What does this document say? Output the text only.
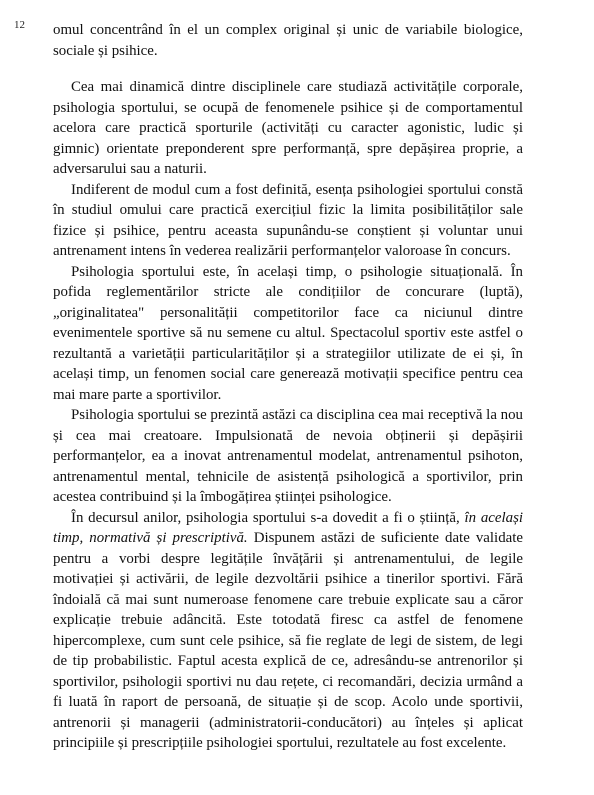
12 omul concentrând în el un complex original și unic de variabile biologice, sociale și psihice.

Cea mai dinamică dintre disciplinele care studiază activitățile corporale, psihologia sportului, se ocupă de fenomenele psihice și de comportamentul acelora care practică sporturile (activități cu caracter agonistic, ludic și gimnic) orientate preponderent spre performanță, spre depășirea proprie, a adversarului sau a naturii.

Indiferent de modul cum a fost definită, esența psihologiei sportului constă în studiul omului care practică exercițiul fizic la limita posibilităților sale fizice și psihice, pentru aceasta supunându-se conștient și voluntar unui antrenament intens în vederea realizării performanțelor valoroase în concurs.

Psihologia sportului este, în același timp, o psihologie situațională. În pofida reglementărilor stricte ale condițiilor de concurare (luptă), „originalitatea" personalității competitorilor face ca niciunul dintre evenimentele sportive să nu semene cu altul. Spectacolul sportiv este astfel o rezultantă a varietății particularităților și a strategiilor utilizate de ei și, în același timp, un fenomen social care generează motivații specifice pentru cea mai mare parte a sportivilor.

Psihologia sportului se prezintă astăzi ca disciplina cea mai receptivă la nou și cea mai creatoare. Impulsionată de nevoia obținerii și depășirii performanțelor, ea a inovat antrenamentul modelat, antrenamentul psihoton, antrenamentul mental, tehnicile de asistență psihologică a sportivilor, prin acestea contribuind și la îmbogățirea științei psihologice.

În decursul anilor, psihologia sportului s-a dovedit a fi o știință, în același timp, normativă și prescriptivă. Dispunem astăzi de suficiente date validate pentru a vorbi despre legitățile învățării și antrenamentului, de legile motivației și activării, de legile dezvoltării psihice a tinerilor sportivi. Fără îndoială că mai sunt numeroase fenomene care trebuie explicate sau a căror explicație trebuie adâncită. Este totodată firesc ca astfel de fenomene hipercomplexe, cum sunt cele psihice, să fie reglate de legi de sistem, de legi de tip probabilistic. Faptul acesta explică de ce, adresându-se antrenorilor și sportivilor, psihologii sportivi nu dau rețete, ci recomandări, decizia urmând a fi luată în raport de persoană, de situație și de scop. Acolo unde sportivii, antrenorii și managerii (administratorii-conducători) au înțeles și aplicat principiile și prescripțiile psihologiei sportului, rezultatele au fost excelente.
